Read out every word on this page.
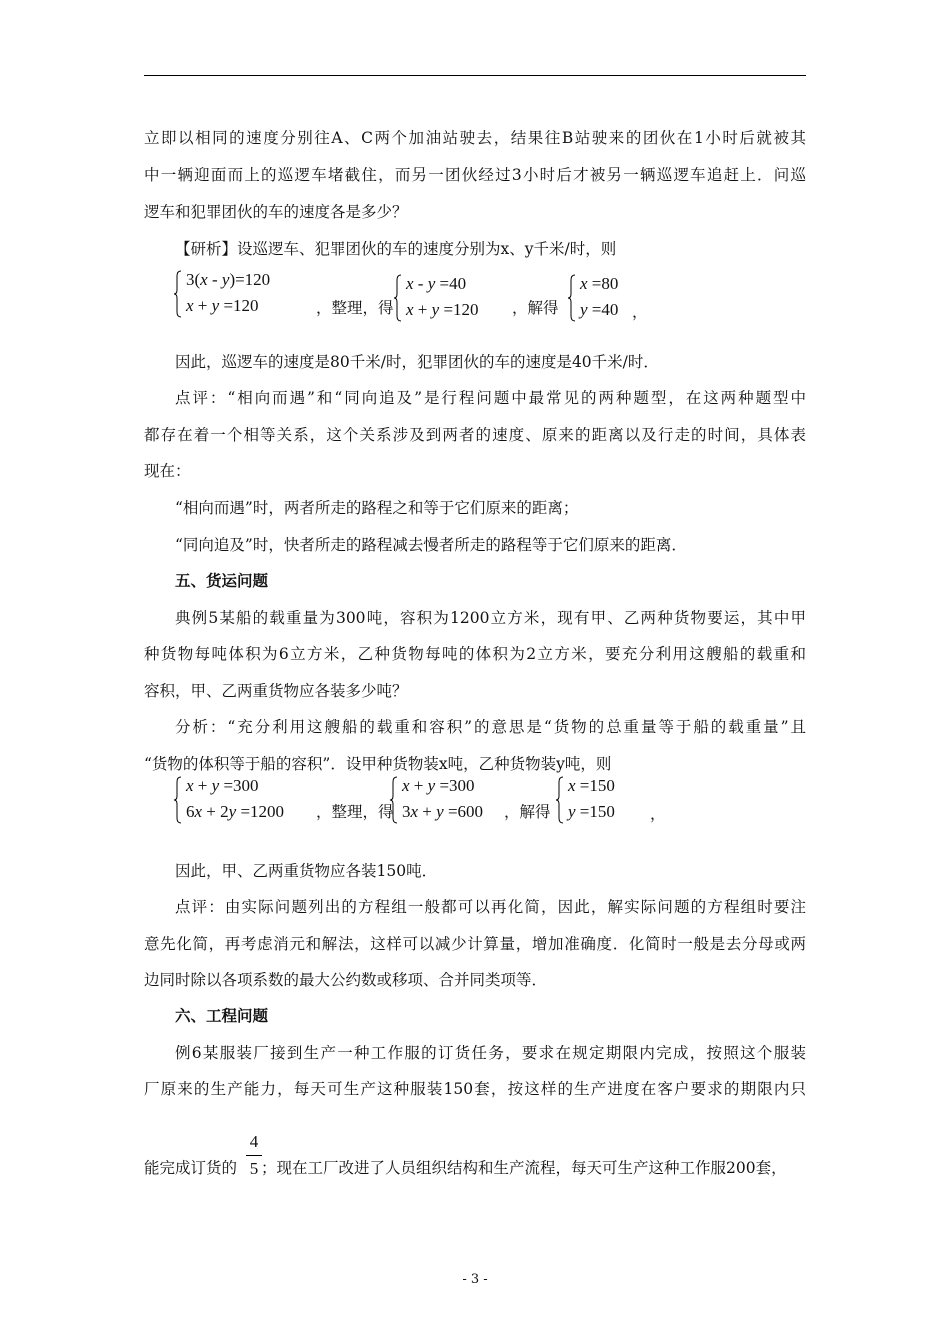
立即以相同的速度分别往A、C两个加油站驶去，结果往B站驶来的团伙在1小时后就被其
中一辆迎面而上的巡逻车堵截住，而另一团伙经过3小时后才被另一辆巡逻车追赶上．问巡
逻车和犯罪团伙的车的速度各是多少？
【研析】设巡逻车、犯罪团伙的车的速度分别为x、y千米/时，则
3(x - y)=120
x + y =120	，整理，得
x - y =40
x + y =120 ，解得
x =80
y =40 ，
因此，巡逻车的速度是80千米/时，犯罪团伙的车的速度是40千米/时．
点评：“相向而遇”和“同向追及”是行程问题中最常见的两种题型，在这两种题型中
都存在着一个相等关系，这个关系涉及到两者的速度、原来的距离以及行走的时间，具体表
现在：
“相向而遇”时，两者所走的路程之和等于它们原来的距离；
“同向追及”时，快者所走的路程减去慢者所走的路程等于它们原来的距离．
五、货运问题
典例5某船的载重量为300吨，容积为1200立方米，现有甲、乙两种货物要运，其中甲
种货物每吨体积为6立方米，乙种货物每吨的体积为2立方米，要充分利用这艘船的载重和
容积，甲、乙两重货物应各装多少吨？
分析：“充分利用这艘船的载重和容积”的意思是“货物的总重量等于船的载重量”且
“货物的体积等于船的容积”．设甲种货物装x吨，乙种货物装y吨，则
x + y =300
6x + 2y =1200 ，整理，得
x + y =300
3x + y =600 ，解得
x =150
y =150 ，
因此，甲、乙两重货物应各装150吨．
点评：由实际问题列出的方程组一般都可以再化简，因此，解实际问题的方程组时要注
意先化简，再考虑消元和解法，这样可以减少计算量，增加准确度．化简时一般是去分母或两
边同时除以各项系数的最大公约数或移项、合并同类项等．
六、工程问题
例6某服装厂接到生产一种工作服的订货任务，要求在规定期限内完成，按照这个服装
厂原来的生产能力，每天可生产这种服装150套，按这样的生产进度在客户要求的期限内只
能完成订货的 ；现在工厂改进了人员组织结构和生产流程，每天可生产这种工作服200套，
4
5
- 3 -
